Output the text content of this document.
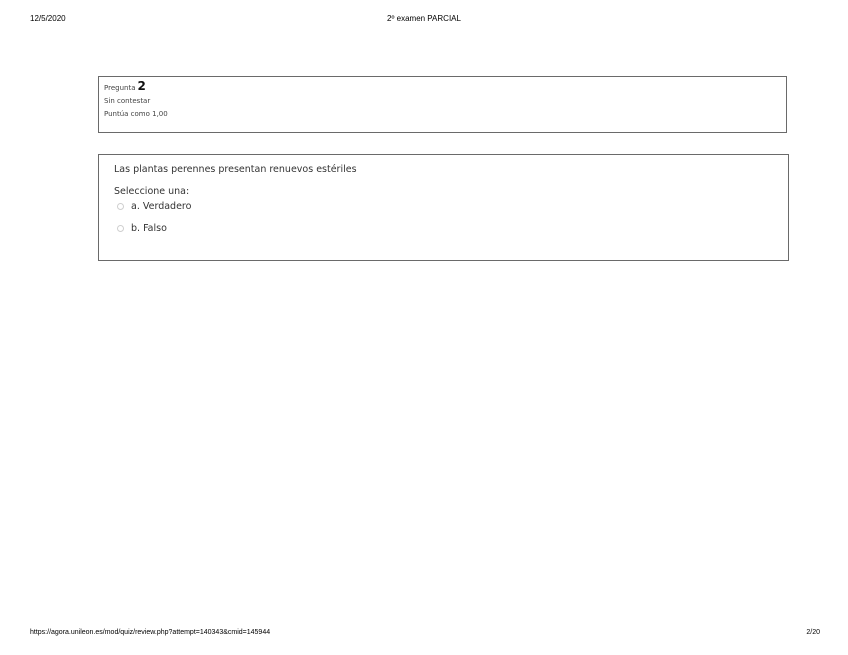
12/5/2020	2º examen PARCIAL
Pregunta 2
Sin contestar
Puntúa como 1,00
Las plantas perennes presentan renuevos estériles
Seleccione una:
a. Verdadero
b. Falso
https://agora.unileon.es/mod/quiz/review.php?attempt=140343&cmid=145944	2/20
